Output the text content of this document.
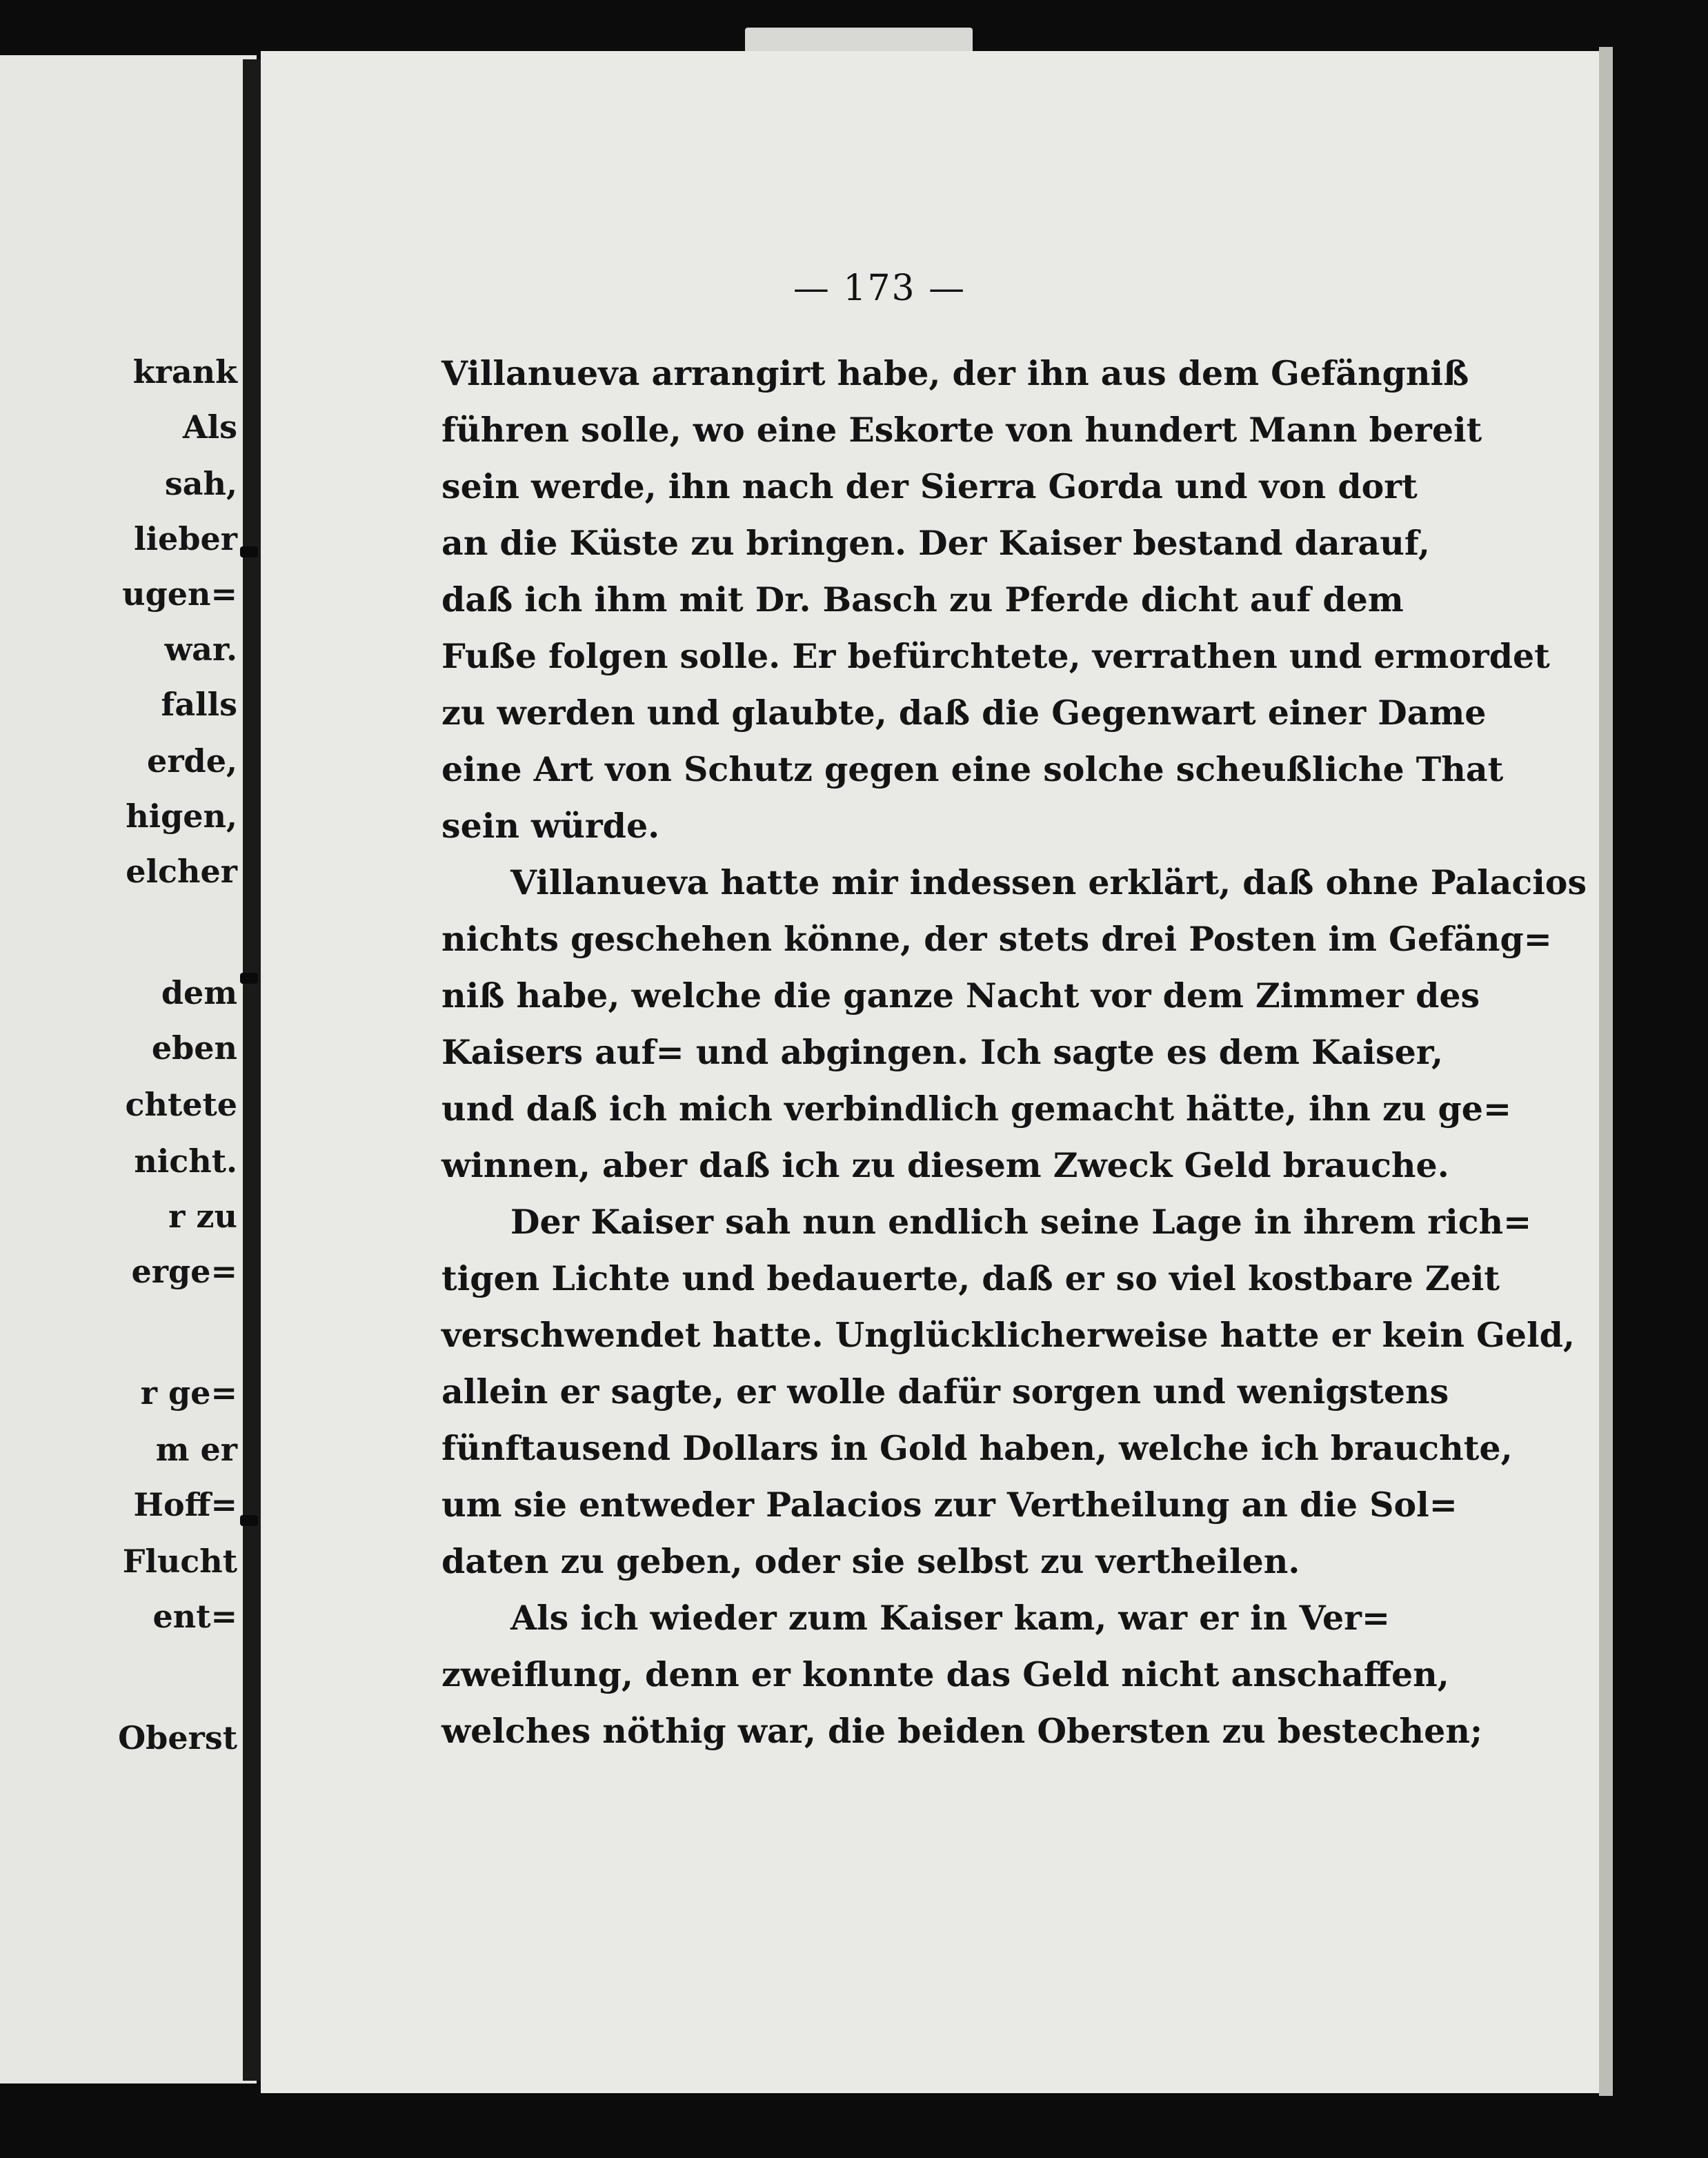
krank
Als
sah,
lieber
ugen=
war.
falls
erde,
higen,
elcher
dem
eben
chtete
nicht.
r zu
erge=
r ge=
m er
Hoff=
Flucht
ent=
Oberst
— 173 —
Villanueva arrangirt habe, der ihn aus dem Gefängniß
führen solle, wo eine Eskorte von hundert Mann bereit
sein werde, ihn nach der Sierra Gorda und von dort
an die Küste zu bringen. Der Kaiser bestand darauf,
daß ich ihm mit Dr. Basch zu Pferde dicht auf dem
Fuße folgen solle. Er befürchtete, verrathen und ermordet
zu werden und glaubte, daß die Gegenwart einer Dame
eine Art von Schutz gegen eine solche scheußliche That
sein würde.
Villanueva hatte mir indessen erklärt, daß ohne Palacios
nichts geschehen könne, der stets drei Posten im Gefäng=
niß habe, welche die ganze Nacht vor dem Zimmer des
Kaisers auf= und abgingen. Ich sagte es dem Kaiser,
und daß ich mich verbindlich gemacht hätte, ihn zu ge=
winnen, aber daß ich zu diesem Zweck Geld brauche.
Der Kaiser sah nun endlich seine Lage in ihrem rich=
tigen Lichte und bedauerte, daß er so viel kostbare Zeit
verschwendet hatte. Unglücklicherweise hatte er kein Geld,
allein er sagte, er wolle dafür sorgen und wenigstens
fünftausend Dollars in Gold haben, welche ich brauchte,
um sie entweder Palacios zur Vertheilung an die Sol=
daten zu geben, oder sie selbst zu vertheilen.
Als ich wieder zum Kaiser kam, war er in Ver=
zweiflung, denn er konnte das Geld nicht anschaffen,
welches nöthig war, die beiden Obersten zu bestechen;
